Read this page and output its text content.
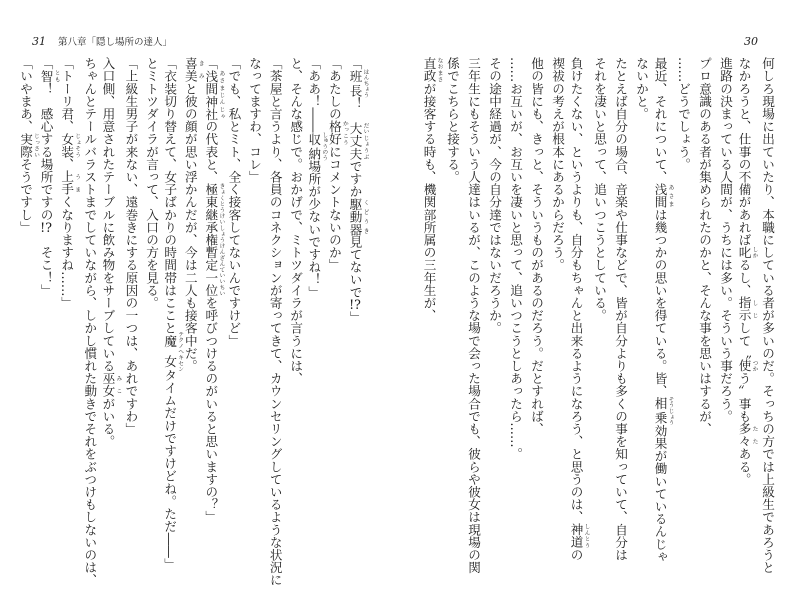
31 第八章「隠し場所の達人」	30
何しろ現場に出ていたり、本職にしている者が多いのだ。そっちの方では上級生であろうと
なかろうと、仕事の不備があれば叱 しかるし、指示 しじして〝使 つかう〟事も多々 たたある。
進路の決まっている人間が、うちには多い。そういう事だろう。
プロ意識のある者が集められたのかと、そんな事を思いはするが、
……どうでしょう。
最近、それについて、浅間 あさまは幾つかの思いを得ている。皆、相乗 そうじょう効果が働いているんじゃ
ないかと。
たとえば自分の場合、音楽や仕事などで、皆が自分よりも多くの事を知っていて、自分は
それを凄いと思って、追いつこうとしている。
負けたくない、というよりも、自分もちゃんと出来るようになろう、と思うのは、神道 しんとうの
禊祓の考えが根本にあるからだろう。
他の皆にも、きっと、そういうものがあるのだろう。だとすれば、
……お互いが、お互いを凄いと思って、追いつこうとしあったら……。
その途中経過が、今の自分達ではないだろうか。
三年生にもそういう人達はいるが、このような場で会った場合でも、彼らや彼女は現場の関
係でこちらと接する。
直政 なおまさが接客する時も、機関部所属の三年生が、
「班長 はんちょう！　大丈夫 だいじょうぶですか駆動器 くどうき見てないで!?」
「あたしの格好 かっこうにコメントないのか」
「ああ！――収納 しゅうのう場所が少ないですね！」
と、そんな感じで。おかげで、ミトツダイラが言うには、
「茶屋と言うより、各員のコネクションが寄ってきて、カウンセリングしているような状況に
なってますわ、コレ」
「でも、私とミト、全く接客してないんですけど」
「浅間神社 あさまじんじゃの代表と、極東継承権暫定一位 きょくとうけいしょうけんざんていいちいを呼びつけるのがいると思いますの？」
喜美 きみと彼の顔が思い浮かんだが、今は二人も接客中だ。
「衣装切り替えて、女子ばかりの時間帯はここと魔女 テクノヘキセンタイムだけですけどね。ただ――」
とミトツダイラが言って、入口の方を見る。
「上級生男子が来ない、遠巻きにする原因の一つは、あれですわ」
入口側、用意されたテーブルに飲み物をサーブしている巫女 みこがいる。
ちゃんとテールバラストまでしていながら、しかし慣れた動きでそれをぶつけもしないのは、
「トーリ君、女装 じょそう、上手 うまくなりますね……」
「智 とも！　感心する場所ですの!?　そこ！」
「いやまあ、実際 じっさいそうですし」
